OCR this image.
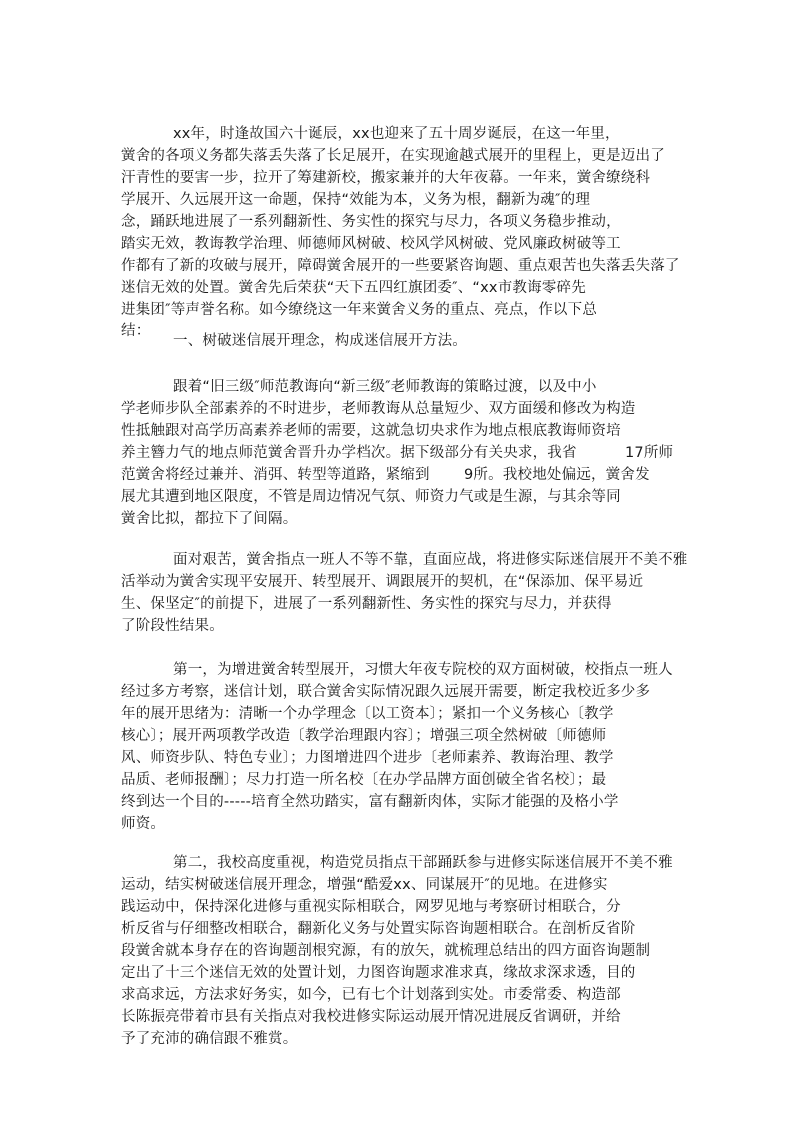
xx年，时逢故国六十诞辰，xx也迎来了五十周岁诞辰，在这一年里，
黉舍的各项义务都失落丢失落了长足展开，在实现逾越式展开的里程上，更是迈出了
汗青性的要害一步，拉开了筹建新校，搬家兼并的大年夜幕。一年来，黉舍缭绕科
学展开、久远展开这一命题，保持“效能为本，义务为根，翻新为魂″的理
念，踊跃地进展了一系列翻新性、务实性的探究与尽力，各项义务稳步推动，
踏实无效，教诲教学治理、师德师风树破、校风学风树破、党风廉政树破等工
作都有了新的攻破与展开，障碍黉舍展开的一些要紧咨询题、重点艰苦也失落丢失落了
迷信无效的处置。黉舍先后荣获“天下五四红旗团委″、“xx市教诲零碎先
进集团″等声誉名称。如今缭绕这一年来黉舍义务的重点、亮点，作以下总
结：
一、树破迷信展开理念，构成迷信展开方法。
跟着“旧三级″师范教诲向“新三级″老师教诲的策略过渡，以及中小
学老师步队全部素养的不时进步，老师教诲从总量短少、双方面缓和修改为构造
性抵触跟对高学历高素养老师的需要，这就急切央求作为地点根底教诲师资培
养主簪力气的地点师范黉舍晋升办学档次。据下级部分有关央求，我省	17所师
范黉舍将经过兼并、消弭、转型等道路，紧缩到 9所。我校地处偏远，黉舍发
展尤其遭到地区限度，不管是周边情况气氛、师资力气或是生源，与其余等同
黉舍比拟，都拉下了间隔。
面对艰苦，黉舍指点一班人不等不靠，直面应战，将进修实际迷信展开不美不雅
活举动为黉舍实现平安展开、转型展开、调跟展开的契机，在“保添加、保平易近
生、保坚定″的前提下，进展了一系列翻新性、务实性的探究与尽力，并获得
了阶段性结果。
第一，为增进黉舍转型展开，习惯大年夜专院校的双方面树破，校指点一班人
经过多方考察，迷信计划，联合黉舍实际情况跟久远展开需要，断定我校近多少多
年的展开思绪为：清晰一个办学理念〔以工资本〕；紧扣一个义务核心〔教学
核心〕；展开两项教学改造〔教学治理跟内容〕；增强三项全然树破〔师德师
风、师资步队、特色专业〕；力图增进四个进步〔老师素养、教诲治理、教学
品质、老师报酬〕；尽力打造一所名校〔在办学品牌方面创破全省名校〕；最
终到达一个目的-----培育全然功踏实，富有翻新肉体，实际才能强的及格小学
师资。
第二，我校高度重视，构造党员指点干部踊跃参与进修实际迷信展开不美不雅
运动，结实树破迷信展开理念，增强“酷爱xx、同谋展开″的见地。在进修实
践运动中，保持深化进修与重视实际相联合，网罗见地与考察研讨相联合，分
析反省与仔细整改相联合，翻新化义务与处置实际咨询题相联合。在剖析反省阶
段黉舍就本身存在的咨询题剖根究源，有的放矢，就梳理总结出的四方面咨询题制
定出了十三个迷信无效的处置计划，力图咨询题求准求真，缘故求深求透，目的
求高求远，方法求好务实，如今，已有七个计划落到实处。市委常委、构造部
长陈振亮带着市县有关指点对我校进修实际运动展开情况进展反省调研，并给
予了充沛的确信跟不雅赏。
